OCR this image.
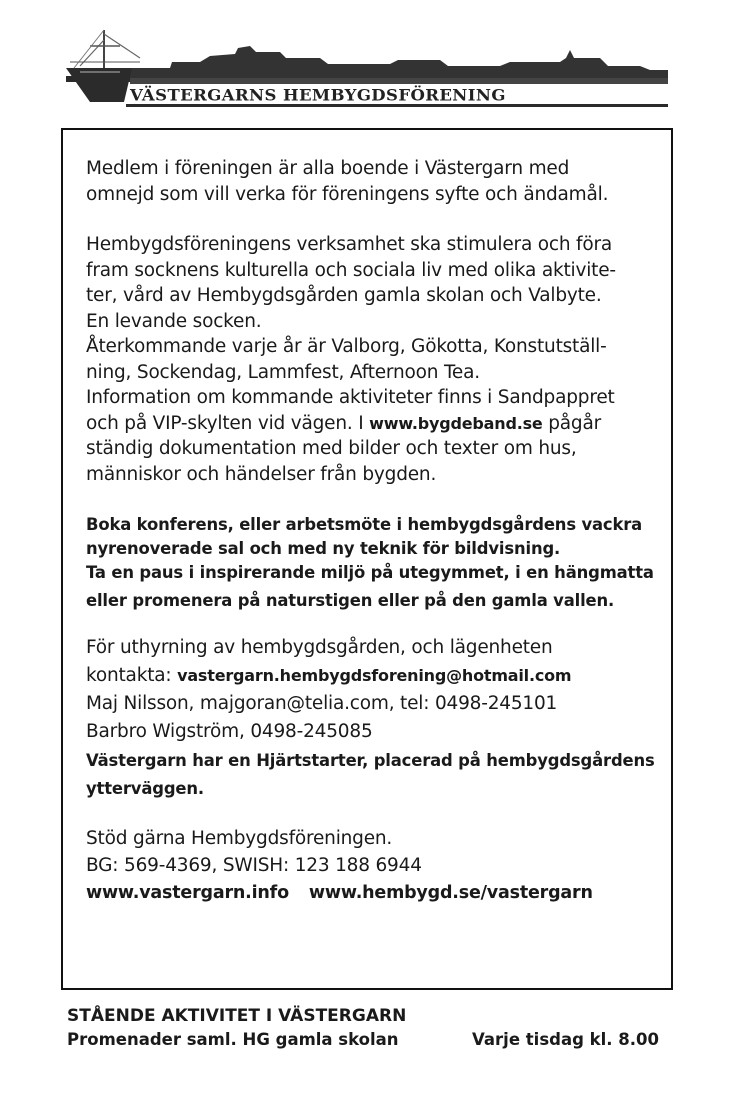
VÄSTERGARNS HEMBYGDSFÖRENING
Medlem i föreningen är alla boende i Västergarn med
omnejd som vill verka för föreningens syfte och ändamål.
Hembygdsföreningens verksamhet ska stimulera och föra
fram socknens kulturella och sociala liv med olika aktivite-
ter, vård av Hembygdsgården gamla skolan och Valbyte.
En levande socken.
Återkommande varje år är Valborg, Gökotta, Konstutställ-
ning, Sockendag, Lammfest, Afternoon Tea.
Information om kommande aktiviteter finns i Sandpappret
och på VIP-skylten vid vägen. I www.bygdeband.se pågår
ständig dokumentation med bilder och texter om hus,
människor och händelser från bygden.
Boka konferens, eller arbetsmöte i hembygdsgårdens vackra
nyrenoverade sal och med ny teknik för bildvisning.
Ta en paus i inspirerande miljö på utegymmet, i en hängmatta
eller promenera på naturstigen eller på den gamla vallen.
För uthyrning av hembygdsgården, och lägenheten
kontakta: vastergarn.hembygdsforening@hotmail.com
Maj Nilsson, majgoran@telia.com, tel: 0498-245101
Barbro Wigström, 0498-245085
Västergarn har en Hjärtstarter, placerad på hembygdsgårdens
ytterväggen.
Stöd gärna Hembygdsföreningen.
BG: 569-4369, SWISH: 123 188 6944
www.vastergarn.info www.hembygd.se/vastergarn
STÅENDE AKTIVITET I VÄSTERGARN
Promenader saml. HG gamla skolan	Varje tisdag kl. 8.00
